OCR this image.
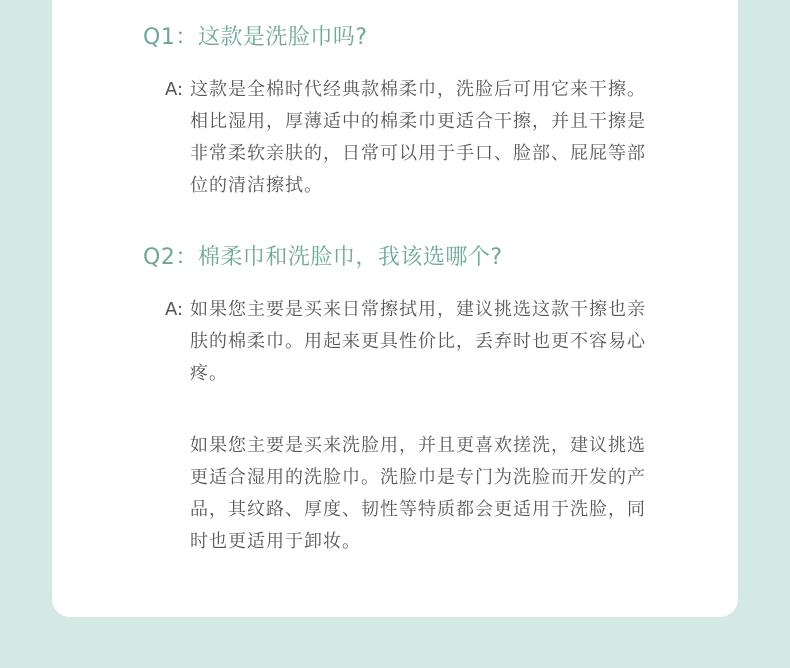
Q1：这款是洗脸巾吗?
A: 这款是全棉时代经典款棉柔巾，洗脸后可用它来干擦。相比湿用，厚薄适中的棉柔巾更适合干擦，并且干擦是非常柔软亲肤的，日常可以用于手口、脸部、屁屁等部位的清洁擦拭。
Q2：棉柔巾和洗脸巾，我该选哪个?
A: 如果您主要是买来日常擦拭用，建议挑选这款干擦也亲肤的棉柔巾。用起来更具性价比，丢弃时也更不容易心疼。
如果您主要是买来洗脸用，并且更喜欢搓洗，建议挑选更适合湿用的洗脸巾。洗脸巾是专门为洗脸而开发的产品，其纹路、厚度、韧性等特质都会更适用于洗脸，同时也更适用于卸妆。
